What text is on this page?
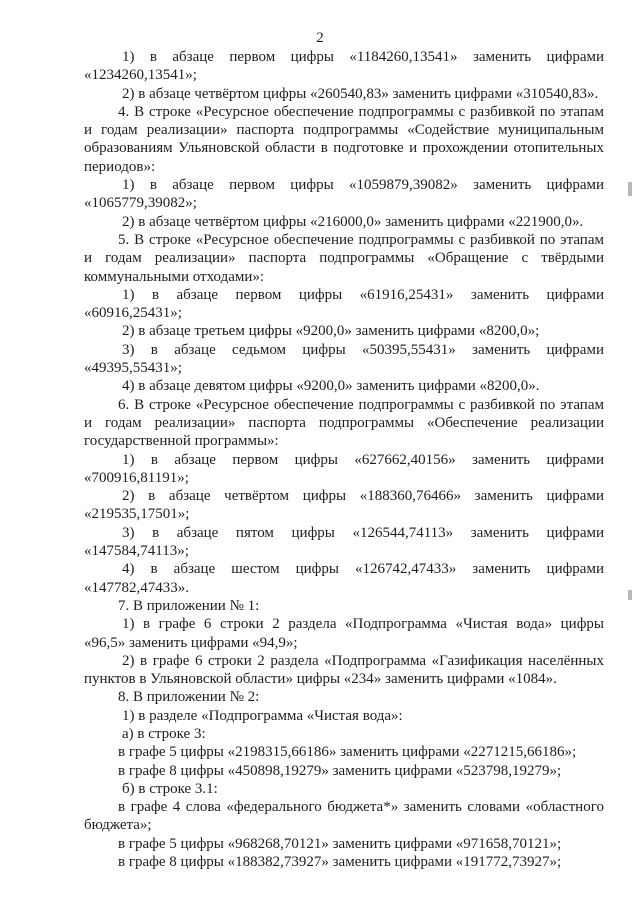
2
1) в абзаце первом цифры «1184260,13541» заменить цифрами
«1234260,13541»;
2) в абзаце четвёртом цифры «260540,83» заменить цифрами «310540,83».
4. В строке «Ресурсное обеспечение подпрограммы с разбивкой по этапам
и годам реализации» паспорта подпрограммы «Содействие муниципальным
образованиям Ульяновской области в подготовке и прохождении отопительных
периодов»:
1) в абзаце первом цифры «1059879,39082» заменить цифрами
«1065779,39082»;
2) в абзаце четвёртом цифры «216000,0» заменить цифрами «221900,0».
5. В строке «Ресурсное обеспечение подпрограммы с разбивкой по этапам
и годам реализации» паспорта подпрограммы «Обращение с твёрдыми
коммунальными отходами»:
1) в абзаце первом цифры «61916,25431» заменить цифрами
«60916,25431»;
2) в абзаце третьем цифры «9200,0» заменить цифрами «8200,0»;
3) в абзаце седьмом цифры «50395,55431» заменить цифрами
«49395,55431»;
4) в абзаце девятом цифры «9200,0» заменить цифрами «8200,0».
6. В строке «Ресурсное обеспечение подпрограммы с разбивкой по этапам
и годам реализации» паспорта подпрограммы «Обеспечение реализации
государственной программы»:
1) в абзаце первом цифры «627662,40156» заменить цифрами
«700916,81191»;
2) в абзаце четвёртом цифры «188360,76466» заменить цифрами
«219535,17501»;
3) в абзаце пятом цифры «126544,74113» заменить цифрами
«147584,74113»;
4) в абзаце шестом цифры «126742,47433» заменить цифрами
«147782,47433».
7. В приложении № 1:
1) в графе 6 строки 2 раздела «Подпрограмма «Чистая вода» цифры
«96,5» заменить цифрами «94,9»;
2) в графе 6 строки 2 раздела «Подпрограмма «Газификация населённых
пунктов в Ульяновской области» цифры «234» заменить цифрами «1084».
8. В приложении № 2:
1) в разделе «Подпрограмма «Чистая вода»:
а) в строке 3:
в графе 5 цифры «2198315,66186» заменить цифрами «2271215,66186»;
в графе 8 цифры «450898,19279» заменить цифрами «523798,19279»;
б) в строке 3.1:
в графе 4 слова «федерального бюджета*» заменить словами «областного
бюджета»;
в графе 5 цифры «968268,70121» заменить цифрами «971658,70121»;
в графе 8 цифры «188382,73927» заменить цифрами «191772,73927»;
